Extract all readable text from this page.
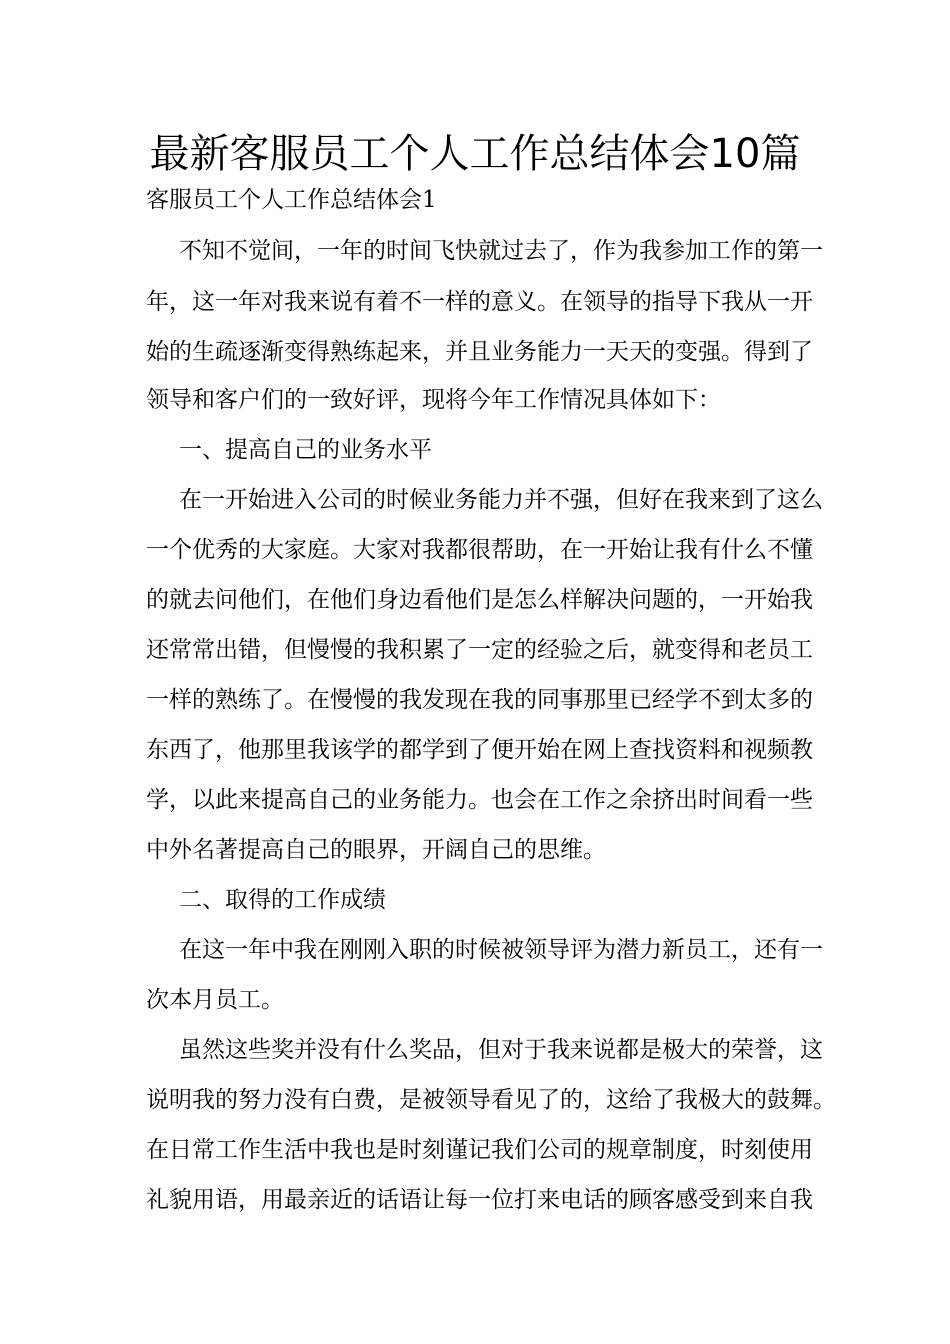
最新客服员工个人工作总结体会10篇
客服员工个人工作总结体会1
不知不觉间，一年的时间飞快就过去了，作为我参加工作的第一
年，这一年对我来说有着不一样的意义。在领导的指导下我从一开
始的生疏逐渐变得熟练起来，并且业务能力一天天的变强。得到了
领导和客户们的一致好评，现将今年工作情况具体如下：
一、提高自己的业务水平
在一开始进入公司的时候业务能力并不强，但好在我来到了这么
一个优秀的大家庭。大家对我都很帮助，在一开始让我有什么不懂
的就去问他们，在他们身边看他们是怎么样解决问题的，一开始我
还常常出错，但慢慢的我积累了一定的经验之后，就变得和老员工
一样的熟练了。在慢慢的我发现在我的同事那里已经学不到太多的
东西了，他那里我该学的都学到了便开始在网上查找资料和视频教
学，以此来提高自己的业务能力。也会在工作之余挤出时间看一些
中外名著提高自己的眼界，开阔自己的思维。
二、取得的工作成绩
在这一年中我在刚刚入职的时候被领导评为潜力新员工，还有一
次本月员工。
虽然这些奖并没有什么奖品，但对于我来说都是极大的荣誉，这
说明我的努力没有白费，是被领导看见了的，这给了我极大的鼓舞。
在日常工作生活中我也是时刻谨记我们公司的规章制度，时刻使用
礼貌用语，用最亲近的话语让每一位打来电话的顾客感受到来自我
